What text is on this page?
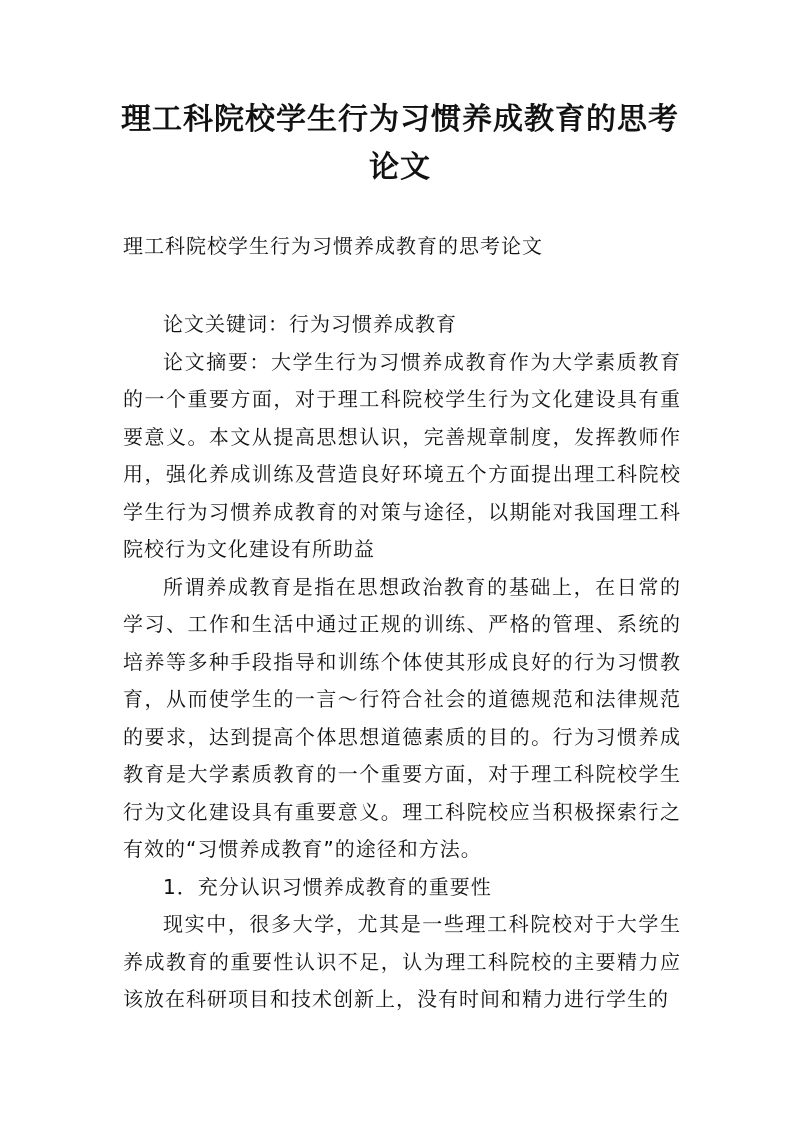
理工科院校学生行为习惯养成教育的思考论文

理工科院校学生行为习惯养成教育的思考论文

论文关键词：行为习惯养成教育

论文摘要：大学生行为习惯养成教育作为大学素质教育的一个重要方面，对于理工科院校学生行为文化建设具有重要意义。本文从提高思想认识，完善规章制度，发挥教师作用，强化养成训练及营造良好环境五个方面提出理工科院校学生行为习惯养成教育的对策与途径，以期能对我国理工科院校行为文化建设有所助益

所谓养成教育是指在思想政治教育的基础上，在日常的学习、工作和生活中通过正规的训练、严格的管理、系统的培养等多种手段指导和训练个体使其形成良好的行为习惯教育，从而使学生的一言～行符合社会的道德规范和法律规范的要求，达到提高个体思想道德素质的目的。行为习惯养成教育是大学素质教育的一个重要方面，对于理工科院校学生行为文化建设具有重要意义。理工科院校应当积极探索行之有效的“习惯养成教育”的途径和方法。

1．充分认识习惯养成教育的重要性

现实中，很多大学，尤其是一些理工科院校对于大学生养成教育的重要性认识不足，认为理工科院校的主要精力应该放在科研项目和技术创新上，没有时间和精力进行学生的
